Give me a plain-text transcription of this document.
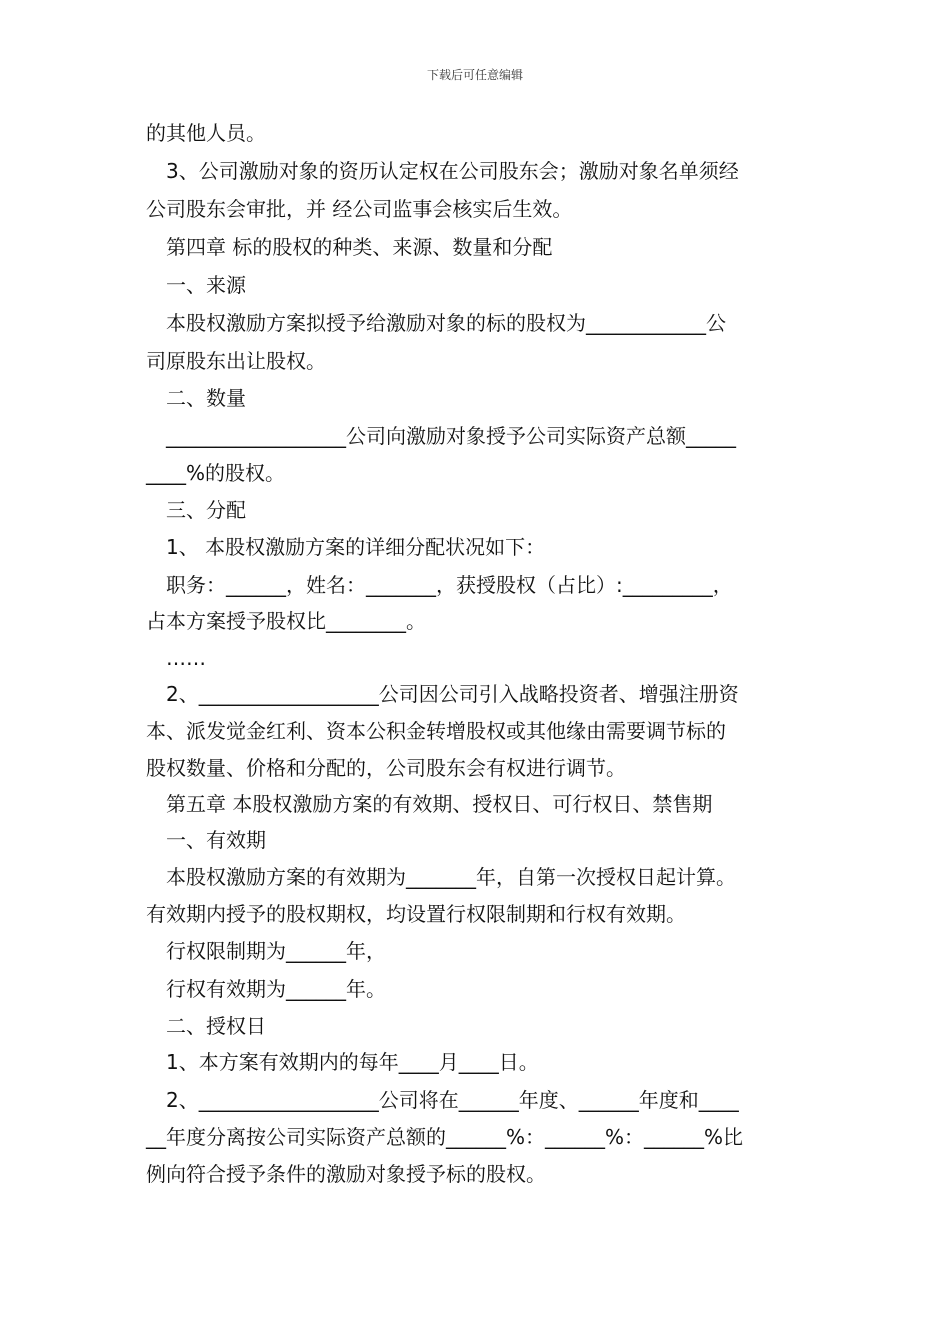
下载后可任意编辑
的其他人员。
3、公司激励对象的资历认定权在公司股东会；激励对象名单须经
公司股东会审批，并 经公司监事会核实后生效。
第四章 标的股权的种类、来源、数量和分配
一、来源
本股权激励方案拟授予给激励对象的标的股权为____________公
司原股东出让股权。
二、数量
__________________公司向激励对象授予公司实际资产总额_____
____%的股权。
三、分配
1、 本股权激励方案的详细分配状况如下：
职务：______，姓名：_______，获授股权（占比）:_________，
占本方案授予股权比________。
……
2、__________________公司因公司引入战略投资者、增强注册资
本、派发觉金红利、资本公积金转增股权或其他缘由需要调节标的
股权数量、价格和分配的，公司股东会有权进行调节。
第五章 本股权激励方案的有效期、授权日、可行权日、禁售期
一、有效期
本股权激励方案的有效期为_______年，自第一次授权日起计算。
有效期内授予的股权期权，均设置行权限制期和行权有效期。
行权限制期为______年，
行权有效期为______年。
二、授权日
1、本方案有效期内的每年____月____日。
2、__________________公司将在______年度、______年度和____
__年度分离按公司实际资产总额的______%：______%：______%比
例向符合授予条件的激励对象授予标的股权。
